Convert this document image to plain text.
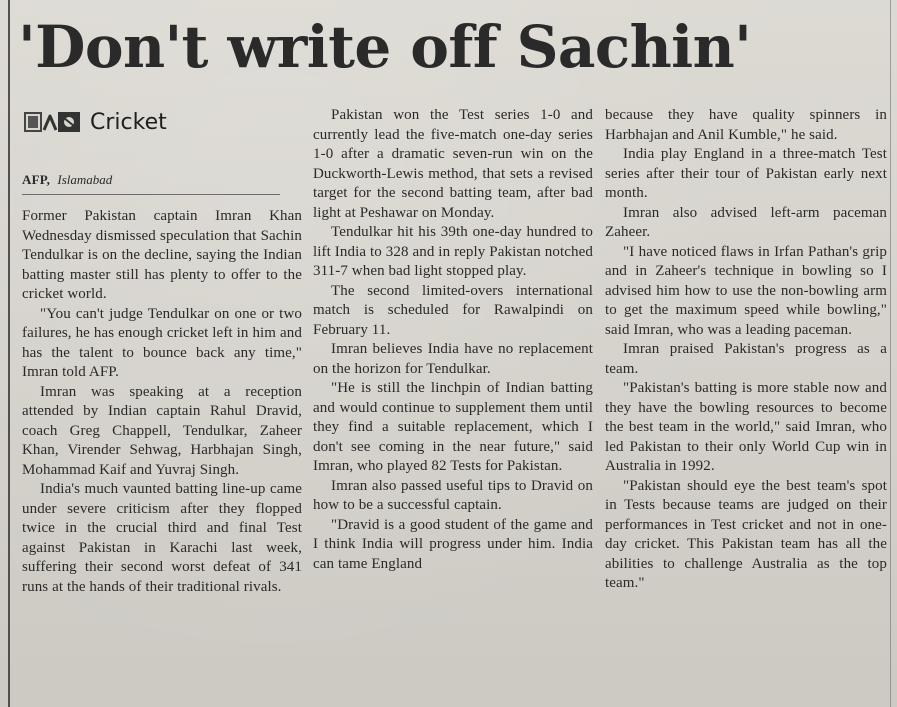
'Don't write off Sachin'
Cricket
AFP, Islamabad

Former Pakistan captain Imran Khan Wednesday dismissed speculation that Sachin Tendulkar is on the decline, saying the Indian batting master still has plenty to offer to the cricket world.

"You can't judge Tendulkar on one or two failures, he has enough cricket left in him and has the talent to bounce back any time," Imran told AFP.

Imran was speaking at a reception attended by Indian captain Rahul Dravid, coach Greg Chappell, Tendulkar, Zaheer Khan, Virender Sehwag, Harbhajan Singh, Mohammad Kaif and Yuvraj Singh.

India's much vaunted batting line-up came under severe criticism after they flopped twice in the crucial third and final Test against Pakistan in Karachi last week, suffering their second worst defeat of 341 runs at the hands of their traditional rivals.

Pakistan won the Test series 1-0 and currently lead the five-match one-day series 1-0 after a dramatic seven-run win on the Duckworth-Lewis method, that sets a revised target for the second batting team, after bad light at Peshawar on Monday.

Tendulkar hit his 39th one-day hundred to lift India to 328 and in reply Pakistan notched 311-7 when bad light stopped play.

The second limited-overs international match is scheduled for Rawalpindi on February 11.

Imran believes India have no replacement on the horizon for Tendulkar.

"He is still the linchpin of Indian batting and would continue to supplement them until they find a suitable replacement, which I don't see coming in the near future," said Imran, who played 82 Tests for Pakistan.

Imran also passed useful tips to Dravid on how to be a successful captain.

"Dravid is a good student of the game and I think India will progress under him. India can tame England

because they have quality spinners in Harbhajan and Anil Kumble," he said.

India play England in a three-match Test series after their tour of Pakistan early next month.

Imran also advised left-arm paceman Zaheer.

"I have noticed flaws in Irfan Pathan's grip and in Zaheer's technique in bowling so I advised him how to use the non-bowling arm to get the maximum speed while bowling," said Imran, who was a leading paceman.

Imran praised Pakistan's progress as a team.

"Pakistan's batting is more stable now and they have the bowling resources to become the best team in the world," said Imran, who led Pakistan to their only World Cup win in Australia in 1992.

"Pakistan should eye the best team's spot in Tests because teams are judged on their performances in Test cricket and not in one-day cricket. This Pakistan team has all the abilities to challenge Australia as the top team."
